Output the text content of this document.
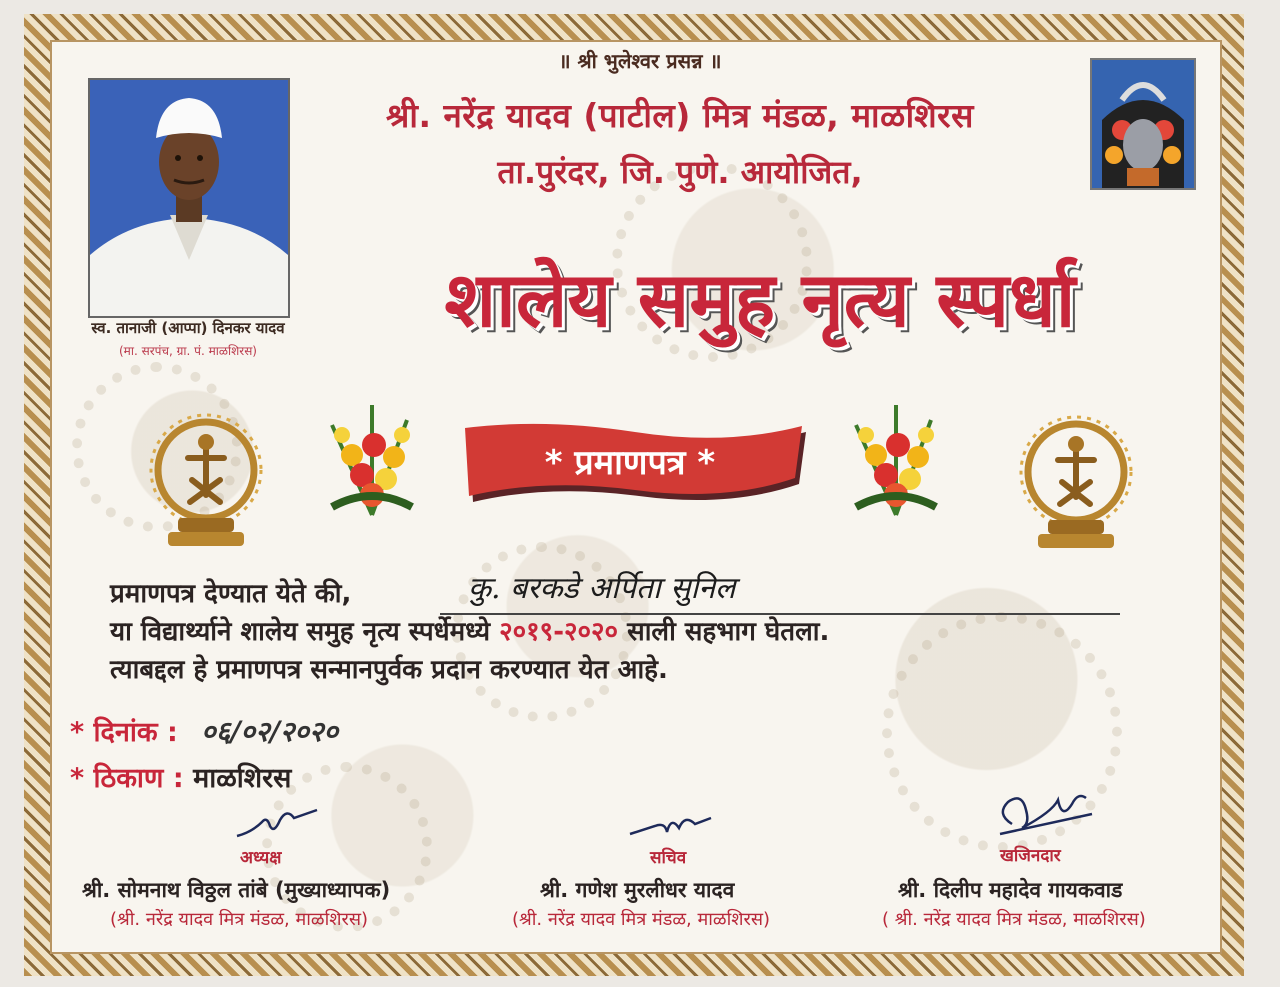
॥ श्री भुलेश्वर प्रसन्न ॥
श्री. नरेंद्र यादव (पाटील) मित्र मंडळ, माळशिरस
ता.पुरंदर, जि. पुणे. आयोजित,
स्व. तानाजी (आप्पा) दिनकर यादव
(मा. सरपंच, ग्रा. पं. माळशिरस)
शालेय समुह नृत्य स्पर्धा
* प्रमाणपत्र *
प्रमाणपत्र देण्यात येते की,	कु. बरकडे अर्पिता सुनिल
या विद्यार्थ्याने शालेय समुह नृत्य स्पर्धेमध्ये २०१९-२०२० साली सहभाग घेतला.
त्याबद्दल हे प्रमाणपत्र सन्मानपुर्वक प्रदान करण्यात येत आहे.
* दिनांक : ०६/०२/२०२०
* ठिकाण : माळशिरस
अध्यक्ष
श्री. सोमनाथ विठ्ठल तांबे (मुख्याध्यापक)
(श्री. नरेंद्र यादव मित्र मंडळ, माळशिरस)
सचिव
श्री. गणेश मुरलीधर यादव
(श्री. नरेंद्र यादव मित्र मंडळ, माळशिरस)
खजिनदार
श्री. दिलीप महादेव गायकवाड
( श्री. नरेंद्र यादव मित्र मंडळ, माळशिरस)
